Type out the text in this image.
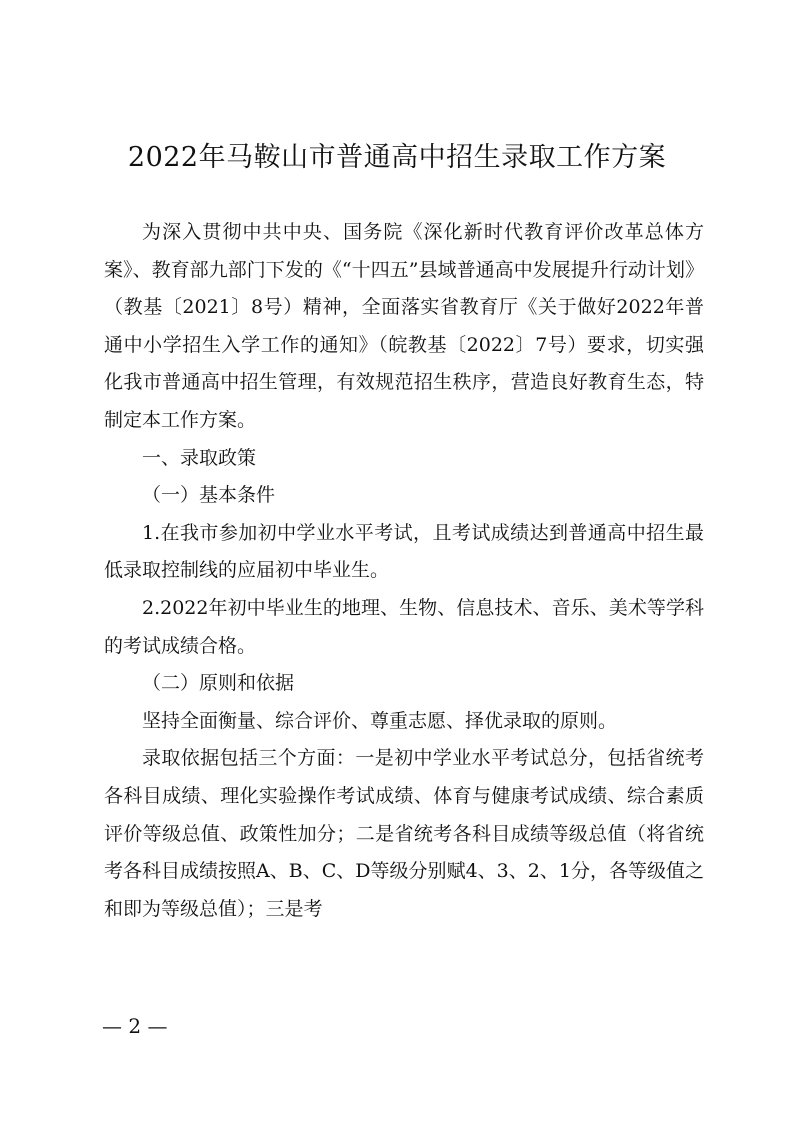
2022年马鞍山市普通高中招生录取工作方案

为深入贯彻中共中央、国务院《深化新时代教育评价改革总体方案》、教育部九部门下发的《“十四五”县域普通高中发展提升行动计划》（教基〔2021〕8号）精神，全面落实省教育厅《关于做好2022年普通中小学招生入学工作的通知》（皖教基〔2022〕7号）要求，切实强化我市普通高中招生管理，有效规范招生秩序，营造良好教育生态，特制定本工作方案。

一、录取政策

（一）基本条件

1.在我市参加初中学业水平考试，且考试成绩达到普通高中招生最低录取控制线的应届初中毕业生。

2.2022年初中毕业生的地理、生物、信息技术、音乐、美术等学科的考试成绩合格。

（二）原则和依据

坚持全面衡量、综合评价、尊重志愿、择优录取的原则。

录取依据包括三个方面：一是初中学业水平考试总分，包括省统考各科目成绩、理化实验操作考试成绩、体育与健康考试成绩、综合素质评价等级总值、政策性加分；二是省统考各科目成绩等级总值（将省统考各科目成绩按照A、B、C、D等级分别赋4、3、2、1分，各等级值之和即为等级总值）；三是考

— 2 —
